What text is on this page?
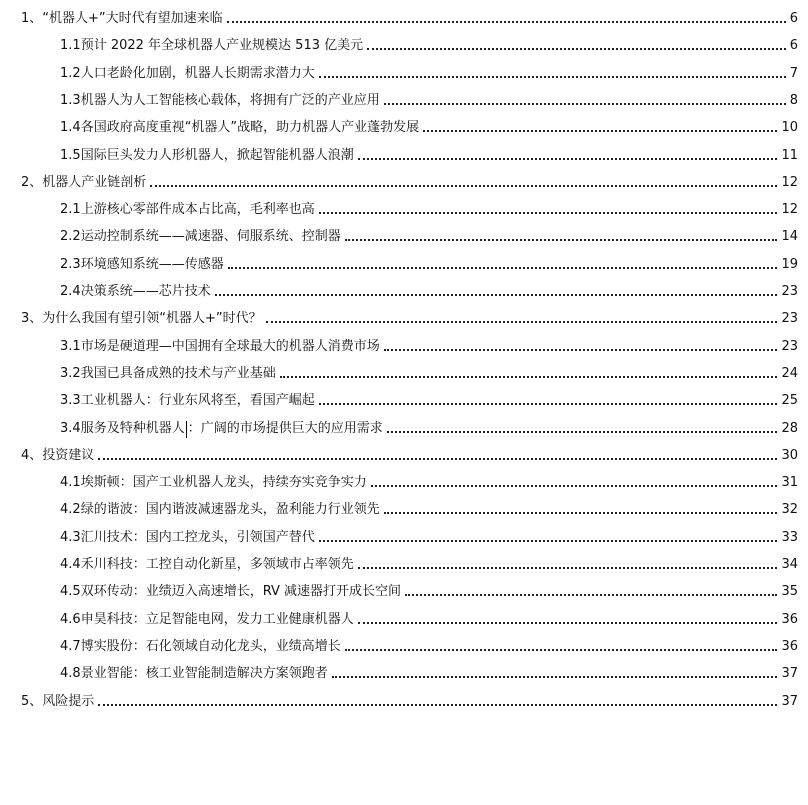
1、 “机器人+”大时代有望加速来临	6
1.1 预计 2022 年全球机器人产业规模达 513 亿美元	6
1.2 人口老龄化加剧，机器人长期需求潜力大	7
1.3 机器人为人工智能核心载体，将拥有广泛的产业应用	8
1.4 各国政府高度重视“机器人”战略，助力机器人产业蓬勃发展	10
1.5 国际巨头发力人形机器人，掀起智能机器人浪潮	11
2、 机器人产业链剖析	12
2.1 上游核心零部件成本占比高，毛利率也高	12
2.2 运动控制系统——减速器、伺服系统、控制器	14
2.3 环境感知系统——传感器	19
2.4 决策系统——芯片技术	23
3、 为什么我国有望引领“机器人+”时代？	23
3.1 市场是硬道理—中国拥有全球最大的机器人消费市场	23
3.2 我国已具备成熟的技术与产业基础	24
3.3 工业机器人：行业东风将至，看国产崛起	25
3.4 服务及特种机器人 ：广阔的市场提供巨大的应用需求	28
4、 投资建议	30
4.1 埃斯顿：国产工业机器人龙头，持续夯实竞争实力	31
4.2 绿的谐波：国内谐波减速器龙头，盈利能力行业领先	32
4.3 汇川技术：国内工控龙头，引领国产替代	33
4.4 禾川科技：工控自动化新星，多领域市占率领先	34
4.5 双环传动：业绩迈入高速增长，RV 减速器打开成长空间	35
4.6 申昊科技：立足智能电网，发力工业健康机器人	36
4.7 博实股份：石化领域自动化龙头，业绩高增长	36
4.8 景业智能：核工业智能制造解决方案领跑者	37
5、 风险提示	37
